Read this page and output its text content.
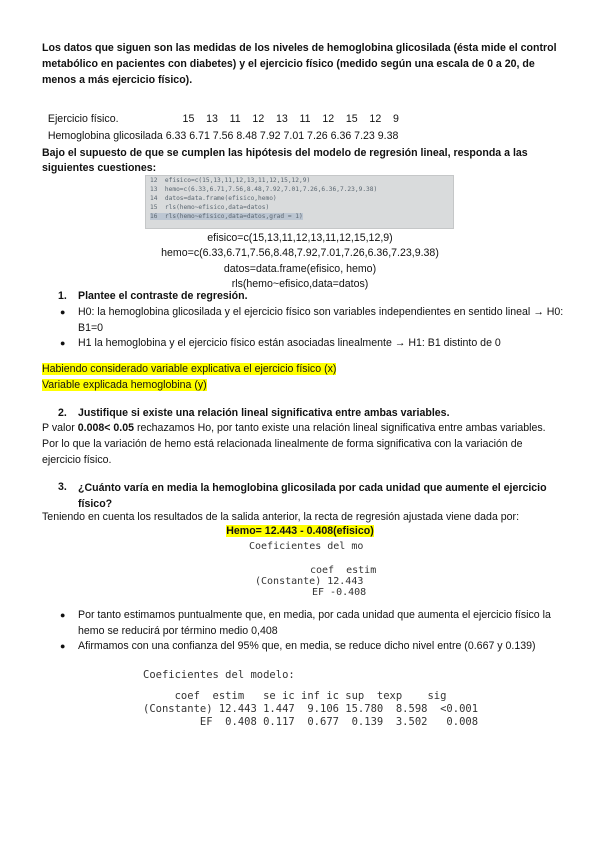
Los datos que siguen son las medidas de los niveles de hemoglobina glicosilada (ésta mide el control metabólico en pacientes con diabetes) y el ejercicio físico (medido según una escala de 0 a 20, de menos a más ejercicio físico).

Ejercicio físico.	15    13    11    12    13    11    12    15    12    9

Hemoglobina glicosilada 6.33 6.71 7.56 8.48 7.92 7.01 7.26 6.36 7.23 9.38

Bajo el supuesto de que se cumplen las hipótesis del modelo de regresión lineal, responda a las siguientes cuestiones:

12  efisico=c(15,13,11,12,13,11,12,15,12,9)
13  hemo=c(6.33,6.71,7.56,8.48,7.92,7.01,7.26,6.36,7.23,9.38)
14  datos=data.frame(efisico,hemo)
15  rls(hemo~efisico,data=datos)
16  rls(hemo~efisico,data=datos,grad = 1)
efisico=c(15,13,11,12,13,11,12,15,12,9)
hemo=c(6.33,6.71,7.56,8.48,7.92,7.01,7.26,6.36,7.23,9.38)
datos=data.frame(efisico, hemo)
rls(hemo~efisico,data=datos)
1. Plantee el contraste de regresión.
● H0: la hemoglobina glicosilada y el ejercicio físico son variables independientes en sentido lineal → H0: B1=0

● H1 la hemoglobina y el ejercicio físico están asociadas linealmente → H1: B1 distinto de 0

Habiendo considerado variable explicativa el ejercicio físico (x)
Variable explicada hemoglobina (y)
2. Justifique si existe una relación lineal significativa entre ambas variables.

P valor 0.008< 0.05 rechazamos Ho, por tanto existe una relación lineal significativa entre ambas variables. Por lo que la variación de hemo está relacionada linealmente de forma significativa con la variación de ejercicio físico.

3. ¿Cuánto varía en media la hemoglobina glicosilada por cada unidad que aumente el ejercicio físico?

Teniendo en cuenta los resultados de la salida anterior, la recta de regresión ajustada viene dada por:

Hemo= 12.443 - 0.408(efisico)
Coeficientes del mo
coef  estim
(Constante) 12.443
EF -0.408
● Por tanto estimamos puntualmente que, en media, por cada unidad que aumenta el ejercicio físico la hemo se reducirá por término medio 0,408

● Afirmamos con una confianza del 95% que, en media, se reduce dicho nivel entre (0.667 y 0.139)

Coeficientes del modelo:
coef  estim   se ic inf ic sup  texp    sig
(Constante) 12.443 1.447  9.106 15.780  8.598  <0.001
EF  0.408 0.117  0.677  0.139  3.502   0.008
